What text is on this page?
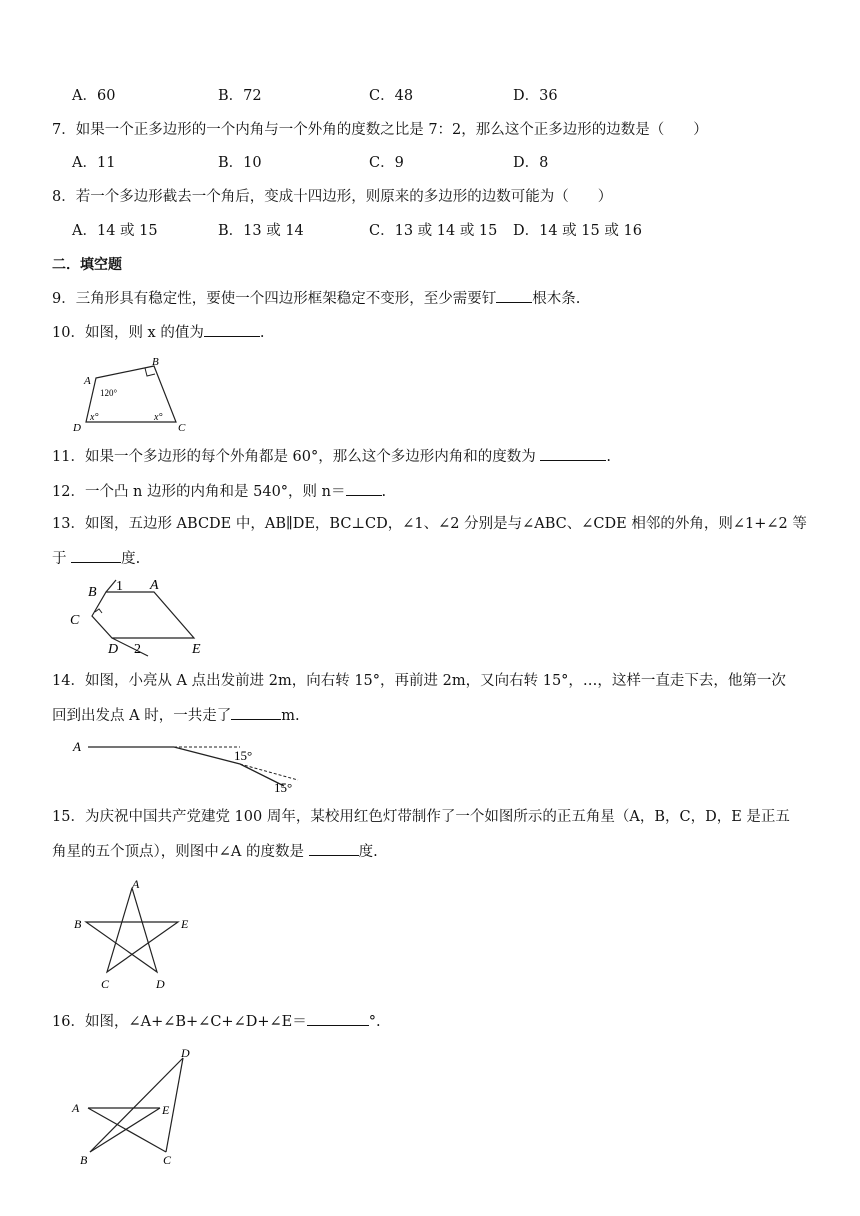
A．60	B．72	C．48	D．36
7．如果一个正多边形的一个内角与一个外角的度数之比是 7：2，那么这个正多边形的边数是（　　）
A．11	B．10	C．9	D．8
8．若一个多边形截去一个角后，变成十四边形，则原来的多边形的边数可能为（　　）
A．14 或 15	B．13 或 14	C．13 或 14 或 15 D．14 或 15 或 16
二．填空题
9．三角形具有稳定性，要使一个四边形框架稳定不变形，至少需要钉 根木条.
10．如图，则 x 的值为	.
A
B
C
D
120°
x°	x°
11．如果一个多边形的每个外角都是 60°，那么这个多边形内角和的度数为	.
12．一个凸 n 边形的内角和是 540°，则 n＝ .
13．如图，五边形 ABCDE 中，AB∥DE，BC⊥CD，∠1、∠2 分别是与∠ABC、∠CDE 相邻的外角，则∠1+∠2 等
于	度.
B 1 A
C
D 2	E
14．如图，小亮从 A 点出发前进 2m，向右转 15°，再前进 2m，又向右转 15°，…，这样一直走下去，他第一次
回到出发点 A 时，一共走了	m.
A
15°
15°
15．为庆祝中国共产党建党 100 周年，某校用红色灯带制作了一个如图所示的正五角星（A，B，C，D，E 是正五
角星的五个顶点），则图中∠A 的度数是	度.
A
B	E
C	D
16．如图，∠A+∠B+∠C+∠D+∠E＝	°.
A
B	C
D
E
